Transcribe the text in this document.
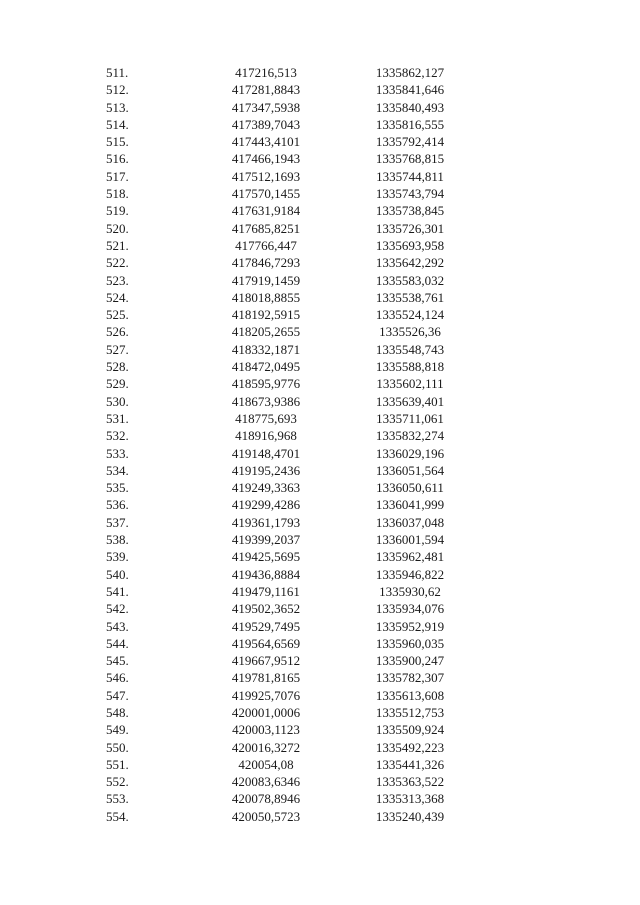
511.	417216,513	1335862,127
512.	417281,8843	1335841,646
513.	417347,5938	1335840,493
514.	417389,7043	1335816,555
515.	417443,4101	1335792,414
516.	417466,1943	1335768,815
517.	417512,1693	1335744,811
518.	417570,1455	1335743,794
519.	417631,9184	1335738,845
520.	417685,8251	1335726,301
521.	417766,447	1335693,958
522.	417846,7293	1335642,292
523.	417919,1459	1335583,032
524.	418018,8855	1335538,761
525.	418192,5915	1335524,124
526.	418205,2655	1335526,36
527.	418332,1871	1335548,743
528.	418472,0495	1335588,818
529.	418595,9776	1335602,111
530.	418673,9386	1335639,401
531.	418775,693	1335711,061
532.	418916,968	1335832,274
533.	419148,4701	1336029,196
534.	419195,2436	1336051,564
535.	419249,3363	1336050,611
536.	419299,4286	1336041,999
537.	419361,1793	1336037,048
538.	419399,2037	1336001,594
539.	419425,5695	1335962,481
540.	419436,8884	1335946,822
541.	419479,1161	1335930,62
542.	419502,3652	1335934,076
543.	419529,7495	1335952,919
544.	419564,6569	1335960,035
545.	419667,9512	1335900,247
546.	419781,8165	1335782,307
547.	419925,7076	1335613,608
548.	420001,0006	1335512,753
549.	420003,1123	1335509,924
550.	420016,3272	1335492,223
551.	420054,08	1335441,326
552.	420083,6346	1335363,522
553.	420078,8946	1335313,368
554.	420050,5723	1335240,439
